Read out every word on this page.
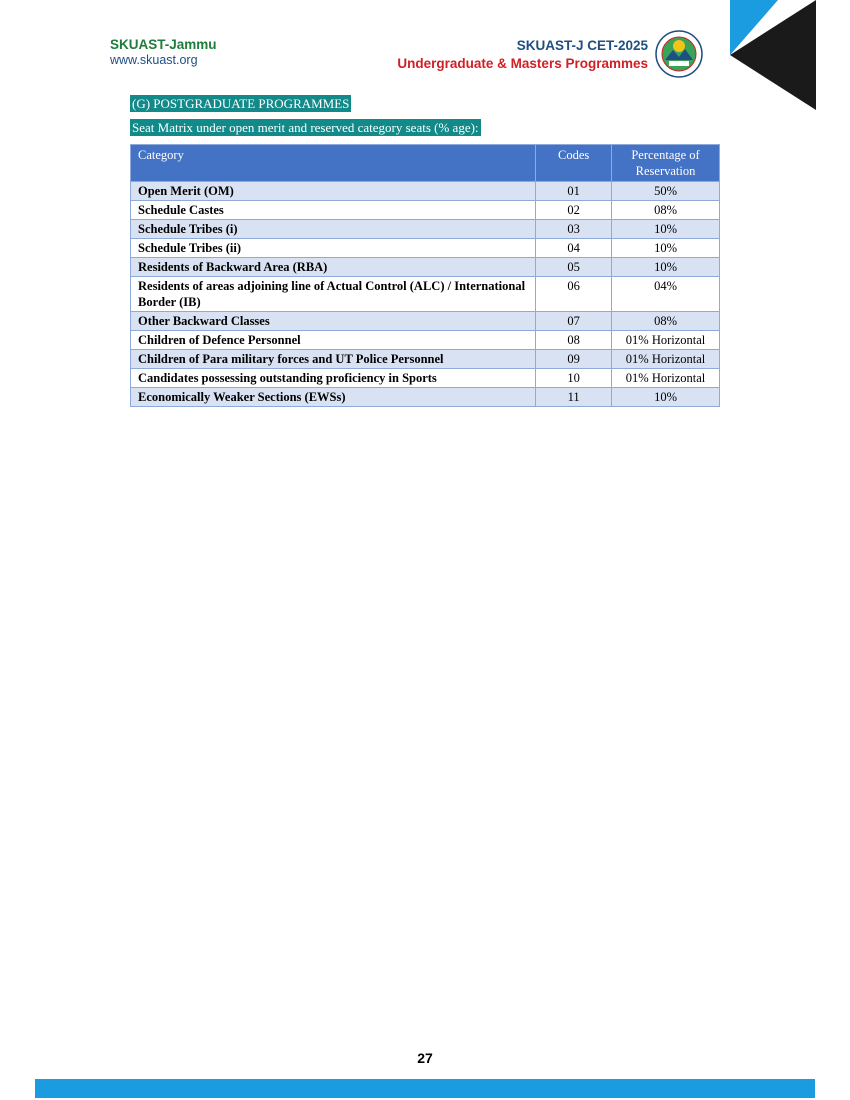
SKUAST-Jammu
www.skuast.org
SKUAST-J CET-2025
Undergraduate & Masters Programmes
(G) POSTGRADUATE PROGRAMMES
Seat Matrix under open merit and reserved category seats (% age):
Category	Codes	Percentage of Reservation
Open Merit (OM)	01	50%
Schedule Castes	02	08%
Schedule Tribes (i)	03	10%
Schedule Tribes (ii)	04	10%
Residents of Backward Area (RBA)	05	10%
Residents of areas adjoining line of Actual Control (ALC) / International Border (IB)	06	04%
Other Backward Classes	07	08%
Children of Defence Personnel	08	01% Horizontal
Children of Para military forces and UT Police Personnel	09	01% Horizontal
Candidates possessing outstanding proficiency in Sports	10	01% Horizontal
Economically Weaker Sections (EWSs)	11	10%
27
